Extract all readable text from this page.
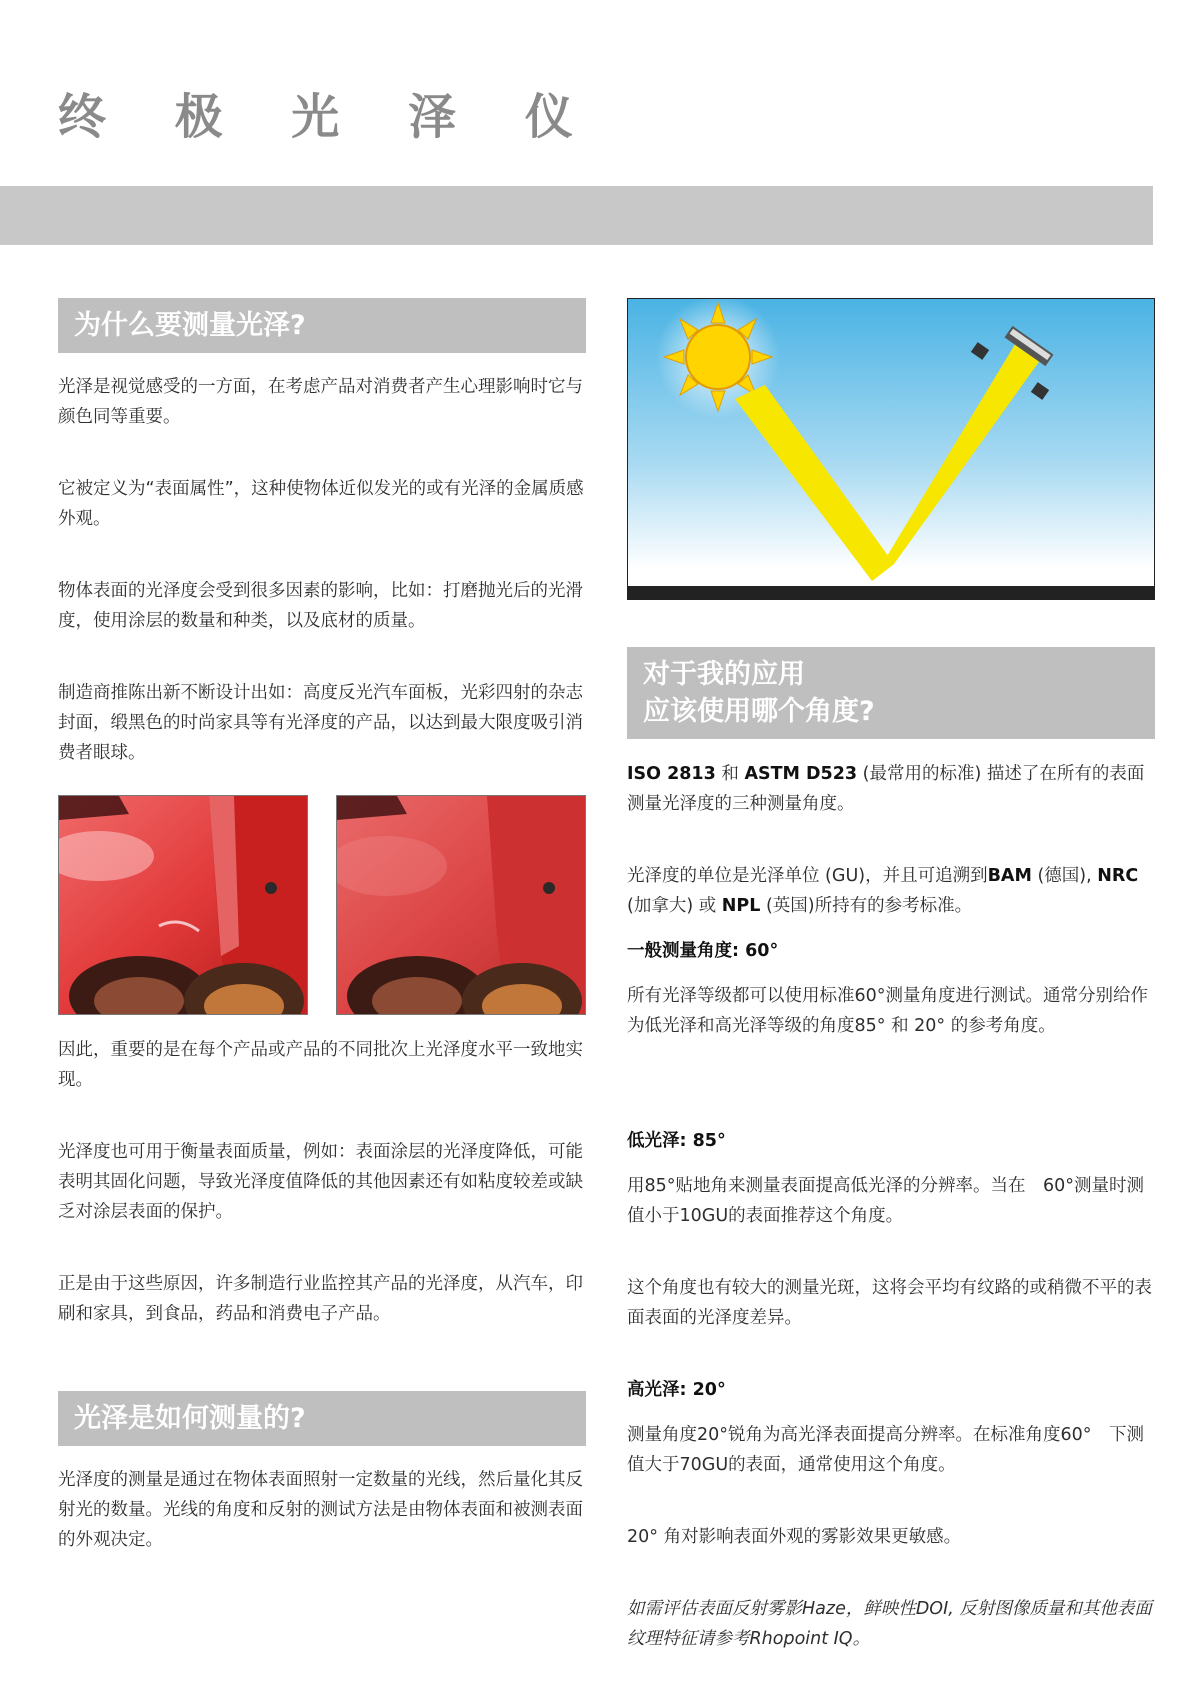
终 极 光 泽 仪
为什么要测量光泽?

光泽是视觉感受的一方面，在考虑产品对消费者产生心理影响时它与颜色同等重要。

它被定义为“表面属性”，这种使物体近似发光的或有光泽的金属质感外观。

物体表面的光泽度会受到很多因素的影响，比如：打磨抛光后的光滑度，使用涂层的数量和种类，以及底材的质量。

制造商推陈出新不断设计出如：高度反光汽车面板，光彩四射的杂志封面，缎黑色的时尚家具等有光泽度的产品，以达到最大限度吸引消费者眼球。

因此，重要的是在每个产品或产品的不同批次上光泽度水平一致地实现。

光泽度也可用于衡量表面质量，例如：表面涂层的光泽度降低，可能表明其固化问题，导致光泽度值降低的其他因素还有如粘度较差或缺乏对涂层表面的保护。

正是由于这些原因，许多制造行业监控其产品的光泽度，从汽车，印刷和家具，到食品，药品和消费电子产品。

光泽是如何测量的?

光泽度的测量是通过在物体表面照射一定数量的光线，然后量化其反射光的数量。光线的角度和反射的测试方法是由物体表面和被测表面的外观决定。

对于我的应用
应该使用哪个角度?

ISO 2813 和 ASTM D523 (最常用的标准) 描述了在所有的表面测量光泽度的三种测量角度。

光泽度的单位是光泽单位 (GU)，并且可追溯到BAM (德国), NRC (加拿大) 或 NPL (英国)所持有的参考标准。

一般测量角度: 60°

所有光泽等级都可以使用标准60°测量角度进行测试。通常分别给作为低光泽和高光泽等级的角度85° 和 20° 的参考角度。

低光泽: 85°

用85°贴地角来测量表面提高低光泽的分辨率。当在　60°测量时测值小于10GU的表面推荐这个角度。

这个角度也有较大的测量光斑，这将会平均有纹路的或稍微不平的表面表面的光泽度差异。

高光泽: 20°

测量角度20°锐角为高光泽表面提高分辨率。在标准角度60°　下测值大于70GU的表面，通常使用这个角度。

20° 角对影响表面外观的雾影效果更敏感。

如需评估表面反射雾影Haze，鲜映性DOI, 反射图像质量和其他表面纹理特征请参考Rhopoint IQ。
